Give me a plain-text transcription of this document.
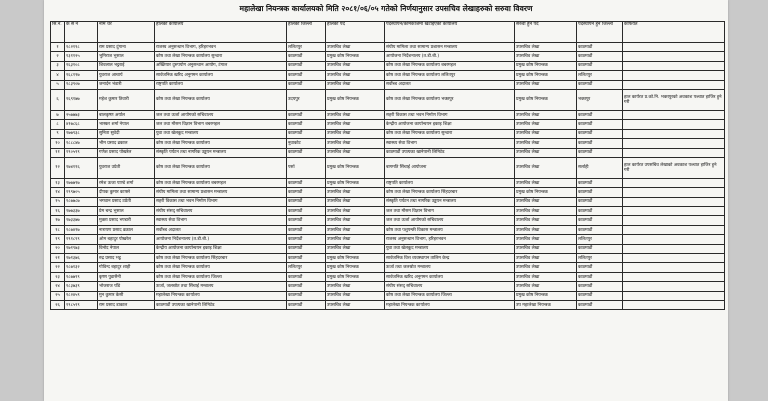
महालेखा नियन्त्रक कार्यालयको मिति २०८१/०६/०५ गतेको निर्णयानुसार उपसचिव लेखाहरुको सरुवा विवरण
सि.नं.	क सं नं	नाम थर	हालको कार्यालय	हालको जिल्ला	हालको पद	पदस्थापन/कामकाजमा खटाइएको कार्यालय	सरुवा हुने पद	पदस्थापन हुने जिल्ला	कैफियत
१	१८२१९८	राम प्रसाद दुंगाना	राजस्व अनुसन्धान विभाग, हरिहरभवन	ललितपुर	उपसचिव लेखा	संघीय मामिला तथा सामान्य प्रशासन मन्त्रालय	उपसचिव लेखा	काठमाडौं	
२	१३११२५	भुमिराज भुसाल	कोष तथा लेखा नियन्त्रक कार्यालय सुन्धारा	काठमाडौं	प्रमुख कोष नियन्त्रक	आयोजना निर्देशनालय (त.डी.बी.)	उपसचिव लेखा	काठमाडौं	
३	१६३१०८	शिवलाल भट्टराई	अख्तियार दुरुपयोग अनुसन्धान आयोग, टंगाल	काठमाडौं	उपसचिव लेखा	कोष तथा लेखा नियन्त्रक कार्यालय बबरमहल	प्रमुख कोष नियन्त्रक	काठमाडौं	
४	१६८१९७	युवराज आचार्य	सार्वजनिक खरिद अनुगमन कार्यालय	काठमाडौं	उपसचिव लेखा	कोष तथा लेखा नियन्त्रक कार्यालय ललितपुर	प्रमुख कोष नियन्त्रक	ललितपुर	
५	१८३९०७	जनार्दन भंडारी	राष्ट्रपति कार्यालय	काठमाडौं	उपसचिव लेखा	सर्वोच्च अदालत	उपसचिव लेखा	काठमाडौं	
६	१६९१७७	महेश कुमार तिवारी	कोष तथा लेखा नियन्त्रक कार्यालय	उदयपुर	प्रमुख कोष नियन्त्रक	कोष तथा लेखा नियन्त्रक कार्यालय भक्तपुर	प्रमुख कोष नियन्त्रक	भक्तपुर	हाल कार्यरत प्र.को.नि. भक्तपुरको अवकाश पश्चात हाजिर हुने गरी
७	२५७७७३	बालकृष्ण अर्याल	जल तथा ऊर्जा आयोगको सचिवालय	काठमाडौं	उपसचिव लेखा	सहरी विकास तथा भवन निर्माण विभाग	उपसचिव लेखा	काठमाडौं	
८	४१७८६८	भास्कर शर्मा नेपाल	जल तथा मौसम विज्ञान विभाग बबरमहल	काठमाडौं	उपसचिव लेखा	केन्द्रीय आयोजना कार्यान्वयन इकाइ शिक्षा	उपसचिव लेखा	काठमाडौं	
९	१७७९३८	सुनिता सुवेदी	युवा तथा खेलकुद मन्त्रालय	काठमाडौं	उपसचिव लेखा	कोष तथा लेखा नियन्त्रक कार्यालय सुन्धारा	उपसचिव लेखा	काठमाडौं	
१०	१८८८४७	भीम प्रसाद ढकाल	कोष तथा लेखा नियन्त्रक कार्यालय	नुवाकोट	उपसचिव लेखा	स्वास्थ्य सेवा विभाग	उपसचिव लेखा	काठमाडौं	
११	१९०५९९	गणेश प्रसाद पोखरेल	संस्कृति पर्यटन तथा नागरिक उड्डयन मन्त्रालय	काठमाडौं	उपसचिव लेखा	काठमाडौं उपत्यका खानेपानी लिमिटेड	उपसचिव लेखा	काठमाडौं	
१२	१७४११६	युवराज उप्रेती	कोष तथा लेखा नियन्त्रक कार्यालय	पर्सा	प्रमुख कोष नियन्त्रक	बागमति सिंचाई आयोजना	उपसचिव लेखा	सर्लाही	हाल कार्यरत उपसचिव लेखाको अवकाश पश्चात हाजिर हुने गरी
१३	१७७७९७	रमेश ऊजा पाण्डे शर्मा	कोष तथा लेखा नियन्त्रक कार्यालय बबरमहल	काठमाडौं	प्रमुख कोष नियन्त्रक	राष्ट्रपति कार्यालय	उपसचिव लेखा	काठमाडौं	
१४	१९९७०५	दीपक कुमार काफ्ले	संघीय मामिला तथा सामान्य प्रशासन मन्त्रालय	काठमाडौं	उपसचिव लेखा	कोष तथा लेखा नियन्त्रक कार्यालय सिंहदरबार	प्रमुख कोष नियन्त्रक	काठमाडौं	
१५	१८७७८७	भगवान प्रसाद उप्रेती	सहरी विकास तथा भवन निर्माण विभाग	काठमाडौं	उपसचिव लेखा	संस्कृति पर्यटन तथा नागरिक उड्डयन मन्त्रालय	उपसचिव लेखा	काठमाडौं	
१६	१७७३३७	प्रेम चन्द्र भुसाल	संघीय संसद् सचिवालय	काठमाडौं	उपसचिव लेखा	जल तथा मौसम विज्ञान विभाग	उपसचिव लेखा	काठमाडौं	
१७	१७३३७७	मुक्ता प्रसाद भण्डारी	स्वास्थ्य सेवा विभाग	काठमाडौं	उपसचिव लेखा	जल तथा ऊर्जा आयोगको सचिवालय	उपसचिव लेखा	काठमाडौं	
१८	१८७४१७	नारायण प्रसाद ढकाल	सर्वोच्च अदालत	काठमाडौं	उपसचिव लेखा	कोष तथा पशुपन्छी विकास मन्त्रालय	उपसचिव लेखा	काठमाडौं	
१९	१९१८९९	ओम बहादुर पोखरेल	आयोजना निर्देशनालय (त.डी.बी.)	काठमाडौं	उपसचिव लेखा	राजस्व अनुसन्धान विभाग, हरिहरभवन	उपसचिव लेखा	ललितपुर	
२०	१७१९७३	विनोद नेपाल	केन्द्रीय आयोजना कार्यान्वयन इकाइ शिक्षा	काठमाडौं	उपसचिव लेखा	युवा तथा खेलकुद मन्त्रालय	उपसचिव लेखा	काठमाडौं	
२१	१७१३७६	रुद्र प्रसाद भट्ट	कोष तथा लेखा नियन्त्रक कार्यालय सिंहदरबार	काठमाडौं	प्रमुख कोष नियन्त्रक	सार्वजनिक वित्त व्यवस्थापन तालिम केन्द्र	उपसचिव लेखा	ललितपुर	
२२	१८७१३२	गोविन्द बहादुर शाही	कोष तथा लेखा नियन्त्रक कार्यालय	ललितपुर	प्रमुख कोष नियन्त्रक	ऊर्जा तथा जलस्रोत मन्त्रालय	उपसचिव लेखा	काठमाडौं	
२३	१८७७९९	कृष्ण पुडासैनी	कोष तथा लेखा नियन्त्रक कार्यालय जिल्ला	काठमाडौं	प्रमुख कोष नियन्त्रक	सार्वजनिक खरिद अनुगमन कार्यालय	उपसचिव लेखा	काठमाडौं	
२४	१८३७३९	भोजराज पाँडे	ऊर्जा, जलस्रोत तथा सिंचाई मन्त्रालय	काठमाडौं	उपसचिव लेखा	संघीय संसद् सचिवालय	उपसचिव लेखा	काठमाडौं	
२५	१८२४५९	मुन कुमार केसी	महालेखा नियन्त्रक कार्यालय	काठमाडौं	उपसचिव लेखा	कोष तथा लेखा नियन्त्रक कार्यालय जिल्ला	प्रमुख कोष नियन्त्रक	काठमाडौं	
२६	१९८५९९	राम प्रसाद डाकाल	काठमाडौं उपत्यका खानेपानी लिमिटेड	काठमाडौं	उपसचिव लेखा	महालेखा नियन्त्रक कार्यालय	उप महालेखा नियन्त्रक	काठमाडौं	
